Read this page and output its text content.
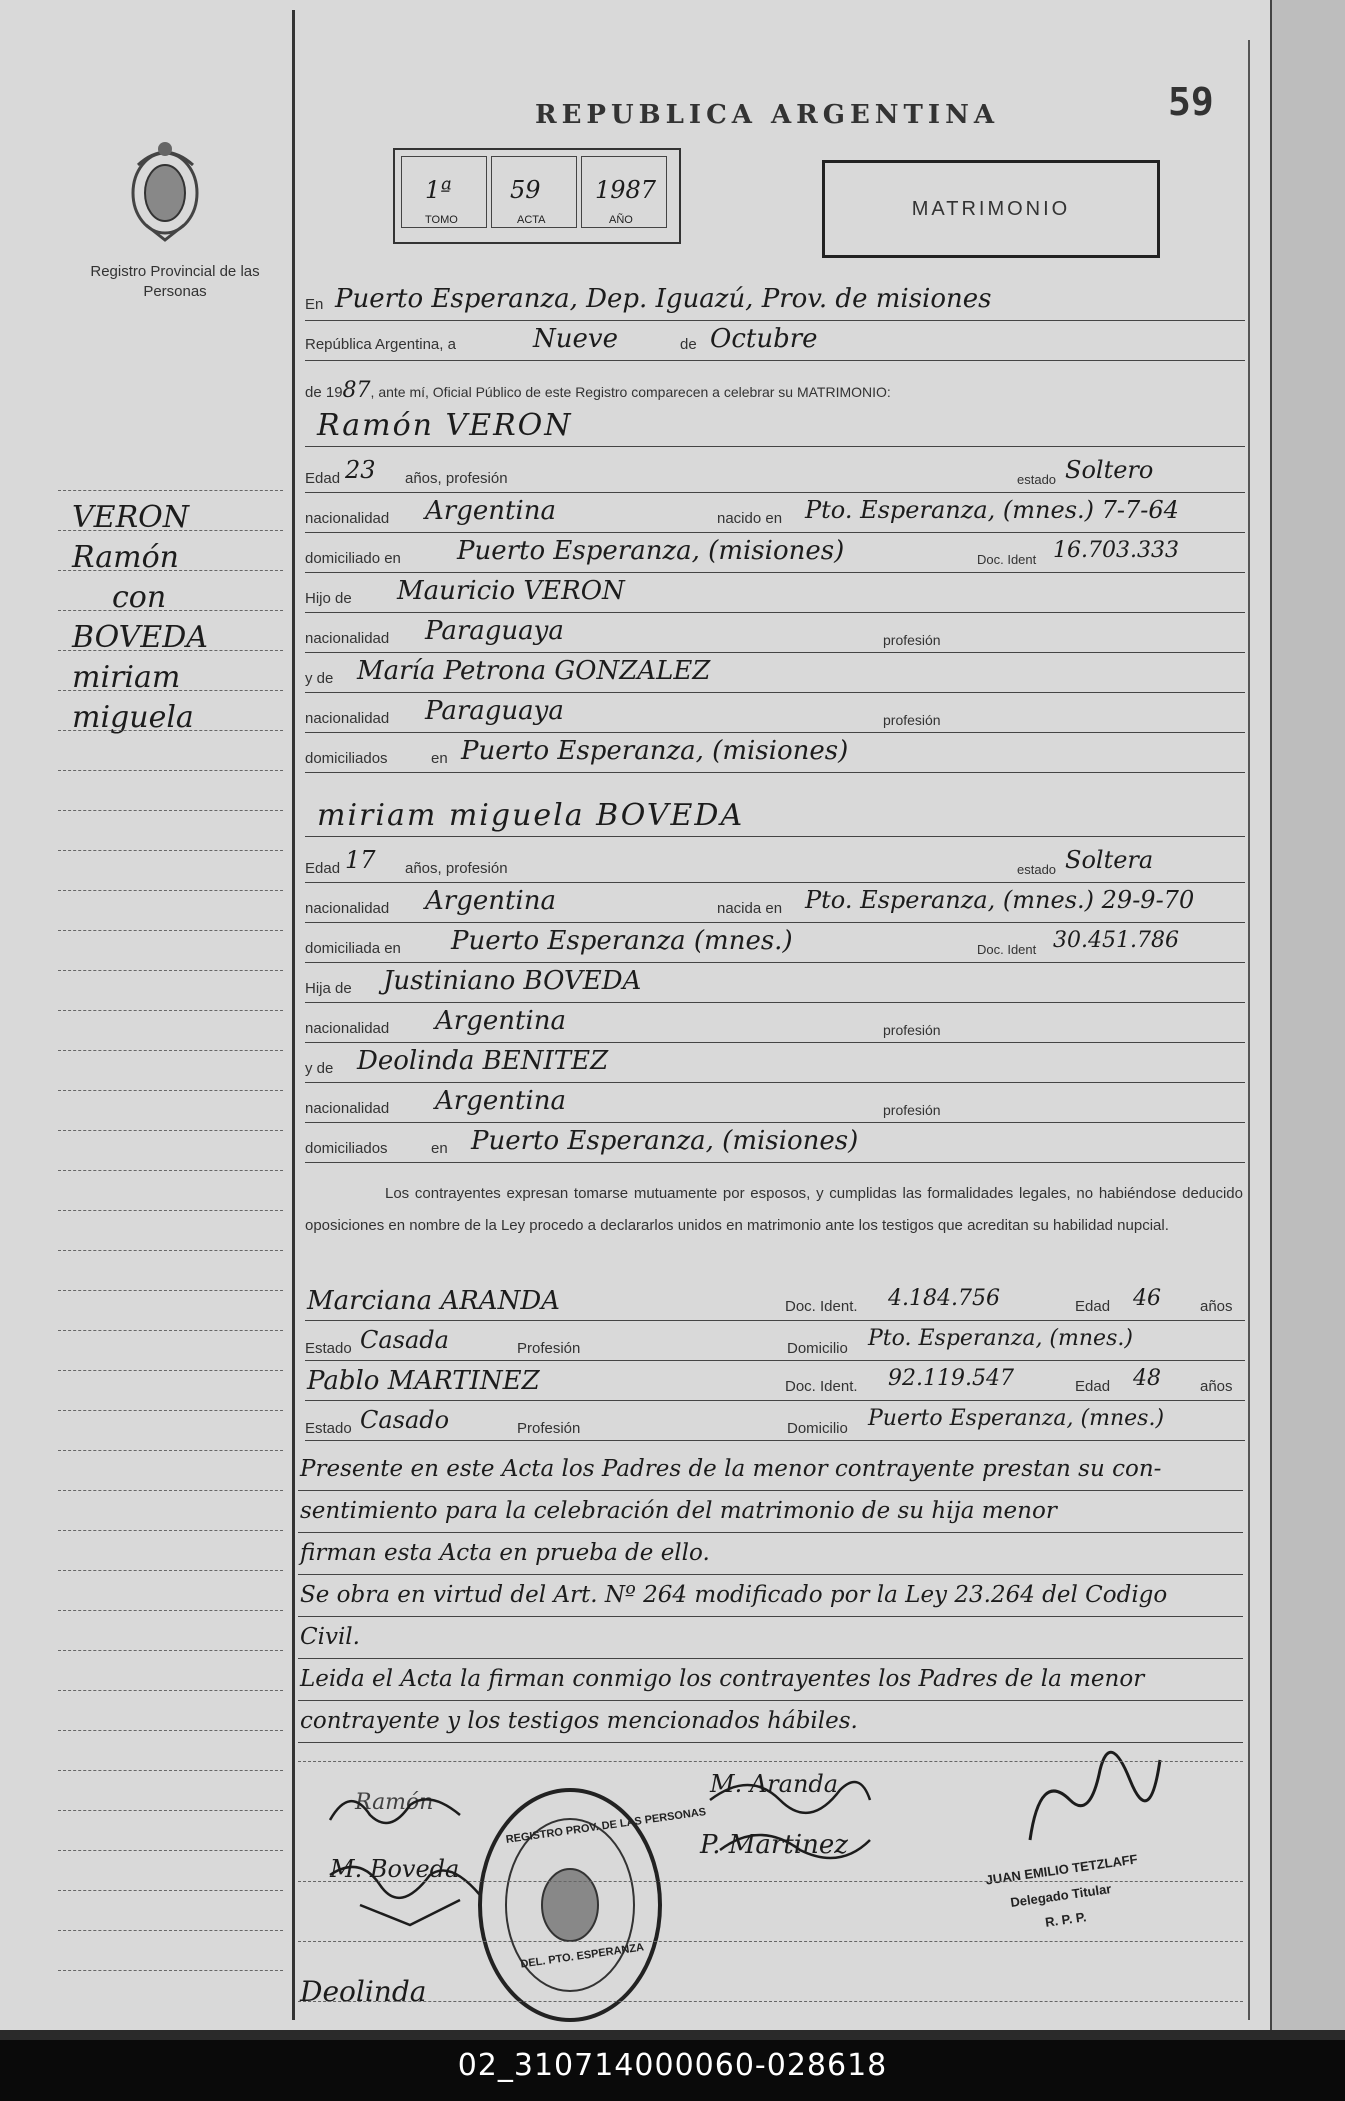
REPUBLICA ARGENTINA	59
Registro Provincial de las Personas
1ª 59 1987
TOMO	ACTA	AÑO
MATRIMONIO
VERON
Ramón
con
BOVEDA
miriam
miguela
En Puerto Esperanza, Dep. Iguazú, Prov. de misiones
República Argentina, a	Nueve	de Octubre
de 1987, ante mí, Oficial Público de este Registro comparecen a celebrar su MATRIMONIO:
Ramón VERON
Edad 23 años, profesión	estado Soltero
nacionalidad Argentina	nacido en Pto. Esperanza, (mnes.) 7-7-64
domiciliado en Puerto Esperanza, (misiones)	Doc. Ident 16.703.333
Hijo de Mauricio VERON
nacionalidad Paraguaya	profesión
y de María Petrona GONZALEZ
nacionalidad Paraguaya	profesión
domiciliados	en Puerto Esperanza, (misiones)
miriam miguela BOVEDA
Edad 17 años, profesión	estado Soltera
nacionalidad Argentina	nacida en Pto. Esperanza, (mnes.) 29-9-70
domiciliada en Puerto Esperanza (mnes.)	Doc. Ident 30.451.786
Hija de Justiniano BOVEDA
nacionalidad Argentina	profesión
y de Deolinda BENITEZ
nacionalidad Argentina	profesión
domiciliados	en Puerto Esperanza, (misiones)
Los contrayentes expresan tomarse mutuamente por esposos, y cumplidas las formalidades legales, no habiéndose deducido oposiciones en nombre de la Ley procedo a declararlos unidos en matrimonio ante los testigos que acreditan su habilidad nupcial.
Marciana ARANDA	Doc. Ident. 4.184.756	Edad 46	años
Estado Casada	Profesión	Domicilio Pto. Esperanza, (mnes.)
Pablo MARTINEZ	Doc. Ident. 92.119.547	Edad 48	años
Estado Casado	Profesión	Domicilio Puerto Esperanza, (mnes.)
Presente en este Acta los Padres de la menor contrayente prestan su con-
sentimiento para la celebración del matrimonio de su hija menor
firman esta Acta en prueba de ello.
Se obra en virtud del Art. Nº 264 modificado por la Ley 23.264 del Codigo
Civil.
Leida el Acta la firman conmigo los contrayentes los Padres de la menor
contrayente y los testigos mencionados hábiles.
Ramón
M. Boveda
Deolinda
M. Aranda
P. Martinez
REGISTRO PROV. DE LAS PERSONAS
DEL. PTO. ESPERANZA
JUAN EMILIO TETZLAFF
Delegado Titular
R. P. P.
02_310714000060-028618
